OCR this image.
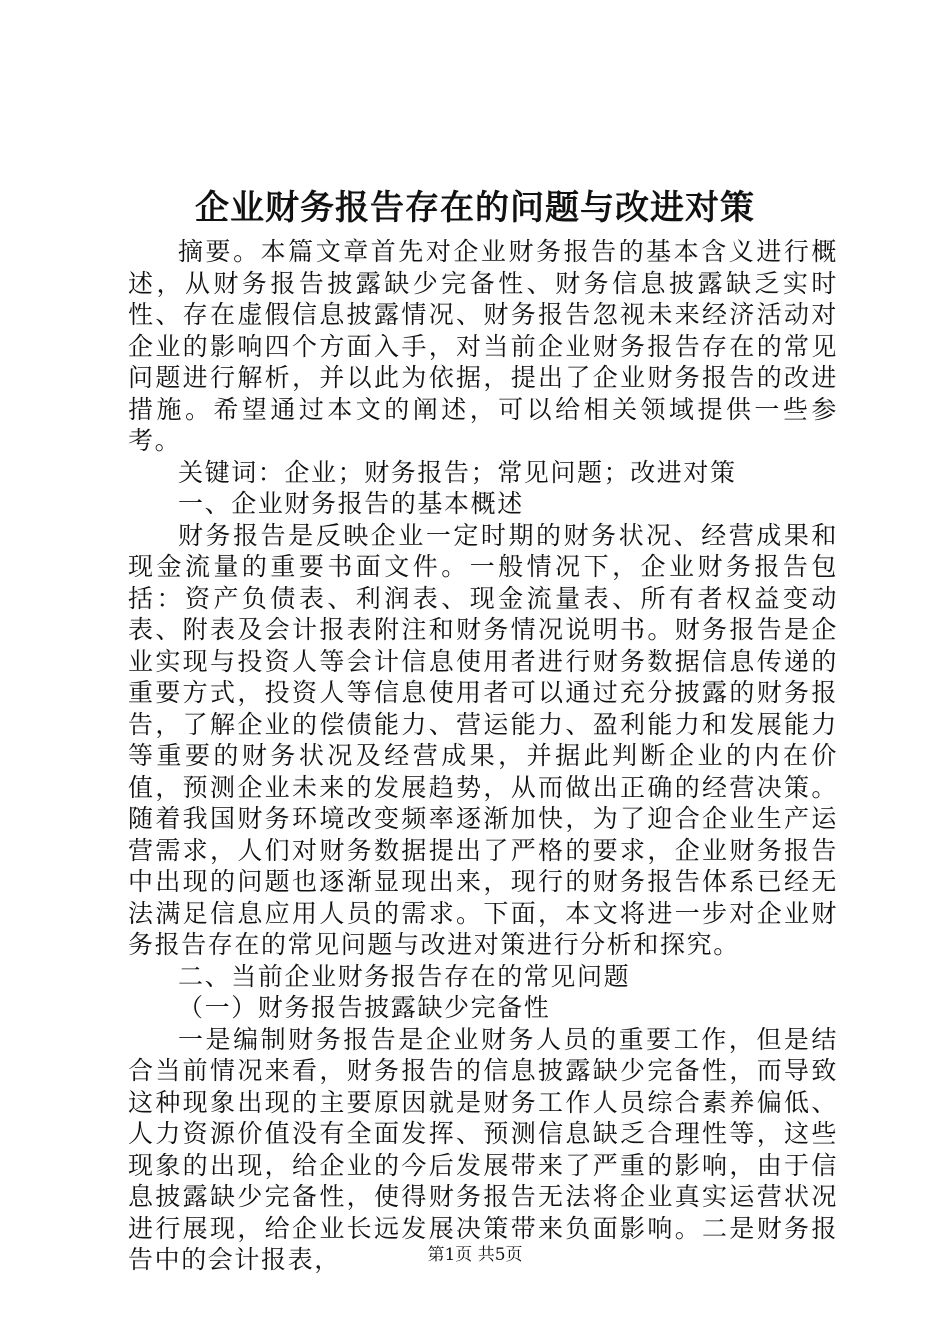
企业财务报告存在的问题与改进对策

摘要。本篇文章首先对企业财务报告的基本含义进行概述，从财务报告披露缺少完备性、财务信息披露缺乏实时性、存在虚假信息披露情况、财务报告忽视未来经济活动对企业的影响四个方面入手，对当前企业财务报告存在的常见问题进行解析，并以此为依据，提出了企业财务报告的改进措施。希望通过本文的阐述，可以给相关领域提供一些参考。

关键词：企业；财务报告；常见问题；改进对策

一、企业财务报告的基本概述

财务报告是反映企业一定时期的财务状况、经营成果和现金流量的重要书面文件。一般情况下，企业财务报告包括：资产负债表、利润表、现金流量表、所有者权益变动表、附表及会计报表附注和财务情况说明书。财务报告是企业实现与投资人等会计信息使用者进行财务数据信息传递的重要方式，投资人等信息使用者可以通过充分披露的财务报告，了解企业的偿债能力、营运能力、盈利能力和发展能力等重要的财务状况及经营成果，并据此判断企业的内在价值，预测企业未来的发展趋势，从而做出正确的经营决策。随着我国财务环境改变频率逐渐加快，为了迎合企业生产运营需求，人们对财务数据提出了严格的要求，企业财务报告中出现的问题也逐渐显现出来，现行的财务报告体系已经无法满足信息应用人员的需求。下面，本文将进一步对企业财务报告存在的常见问题与改进对策进行分析和探究。

二、当前企业财务报告存在的常见问题

（一）财务报告披露缺少完备性

一是编制财务报告是企业财务人员的重要工作，但是结合当前情况来看，财务报告的信息披露缺少完备性，而导致这种现象出现的主要原因就是财务工作人员综合素养偏低、人力资源价值没有全面发挥、预测信息缺乏合理性等，这些现象的出现，给企业的今后发展带来了严重的影响，由于信息披露缺少完备性，使得财务报告无法将企业真实运营状况进行展现，给企业长远发展决策带来负面影响。二是财务报告中的会计报表，	第1页 共5页
